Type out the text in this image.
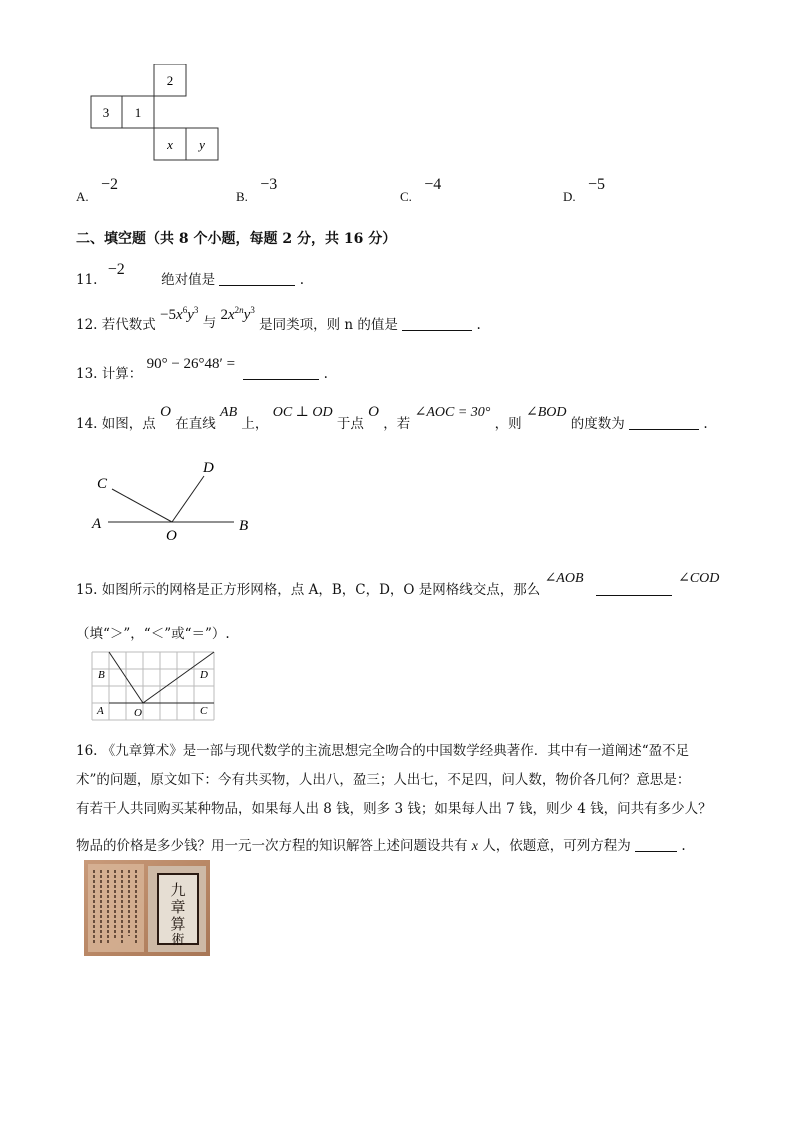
2
3 1
x y
A. −2
B. −3
C. −4
D. −5
二、填空题（共 8 个小题，每题 2 分，共 16 分）
11. −2 绝对值是	.
12. 若代数式 $-5x^6y^3$ 与 $2x^{2n}y^3$ 是同类项，则 n 的值是	.
13. 计算： 90° − 26°48′ =  .
14. 如图，点 O 在直线 AB 上， OC ⊥ OD 于点 O ，若 ∠AOC = 30° ，则 ∠BOD 的度数为	.
C
D
A
O
B
15. 如图所示的网格是正方形网格，点 A，B，C，D，O 是网格线交点，那么 ∠AOB	∠COD
（填“＞”，“＜”或“＝”）.
B	D
A	O	C
16. 《九章算术》是一部与现代数学的主流思想完全吻合的中国数学经典著作．其中有一道阐述“盈不足
术”的问题，原文如下：今有共买物，人出八，盈三；人出七，不足四，问人数，物价各几何？意思是：
有若干人共同购买某种物品，如果每人出 8 钱，则多 3 钱；如果每人出 7 钱，则少 4 钱，问共有多少人？
物品的价格是多少钱？用一元一次方程的知识解答上述问题设共有 x 人，依题意，可列方程为	.
九
章
算
術
